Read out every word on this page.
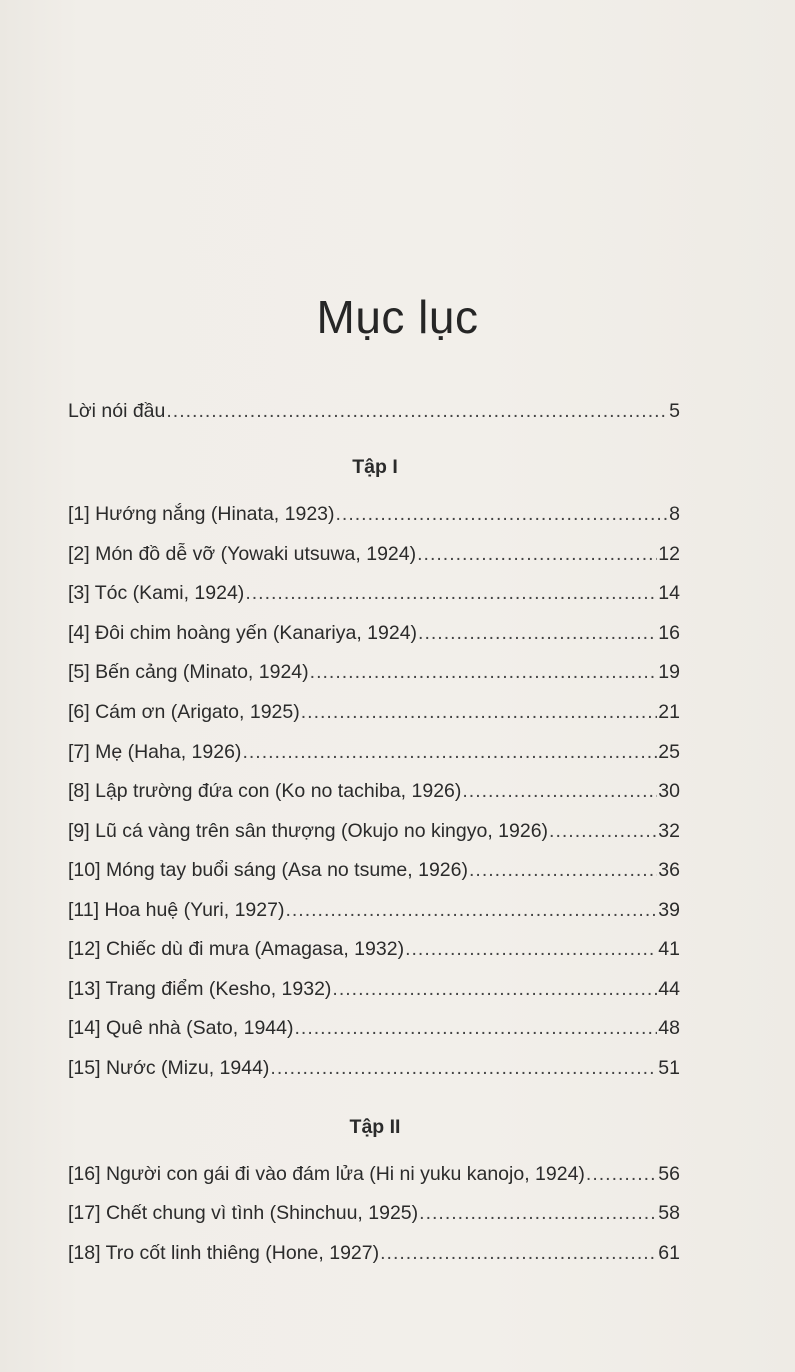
Mục lục
Lời nói đầu .....	5
Tập I
[1] Hướng nắng (Hinata, 1923) .....	8
[2] Món đồ dễ vỡ (Yowaki utsuwa, 1924) .....	12
[3] Tóc (Kami, 1924) .....	14
[4] Đôi chim hoàng yến (Kanariya, 1924) .....	16
[5] Bến cảng (Minato, 1924) .....	19
[6] Cám ơn (Arigato, 1925) .....	21
[7] Mẹ (Haha, 1926) .....	25
[8] Lập trường đứa con (Ko no tachiba, 1926) .....	30
[9] Lũ cá vàng trên sân thượng (Okujo no kingyo, 1926) .....	32
[10] Móng tay buổi sáng (Asa no tsume, 1926) .....	36
[11] Hoa huệ (Yuri, 1927) .....	39
[12] Chiếc dù đi mưa (Amagasa, 1932) .....	41
[13] Trang điểm (Kesho, 1932) .....	44
[14] Quê nhà (Sato, 1944) .....	48
[15] Nước (Mizu, 1944) .....	51
Tập II
[16] Người con gái đi vào đám lửa (Hi ni yuku kanojo, 1924) .....	56
[17] Chết chung vì tình (Shinchuu, 1925) .....	58
[18] Tro cốt linh thiêng (Hone, 1927) .....	61
